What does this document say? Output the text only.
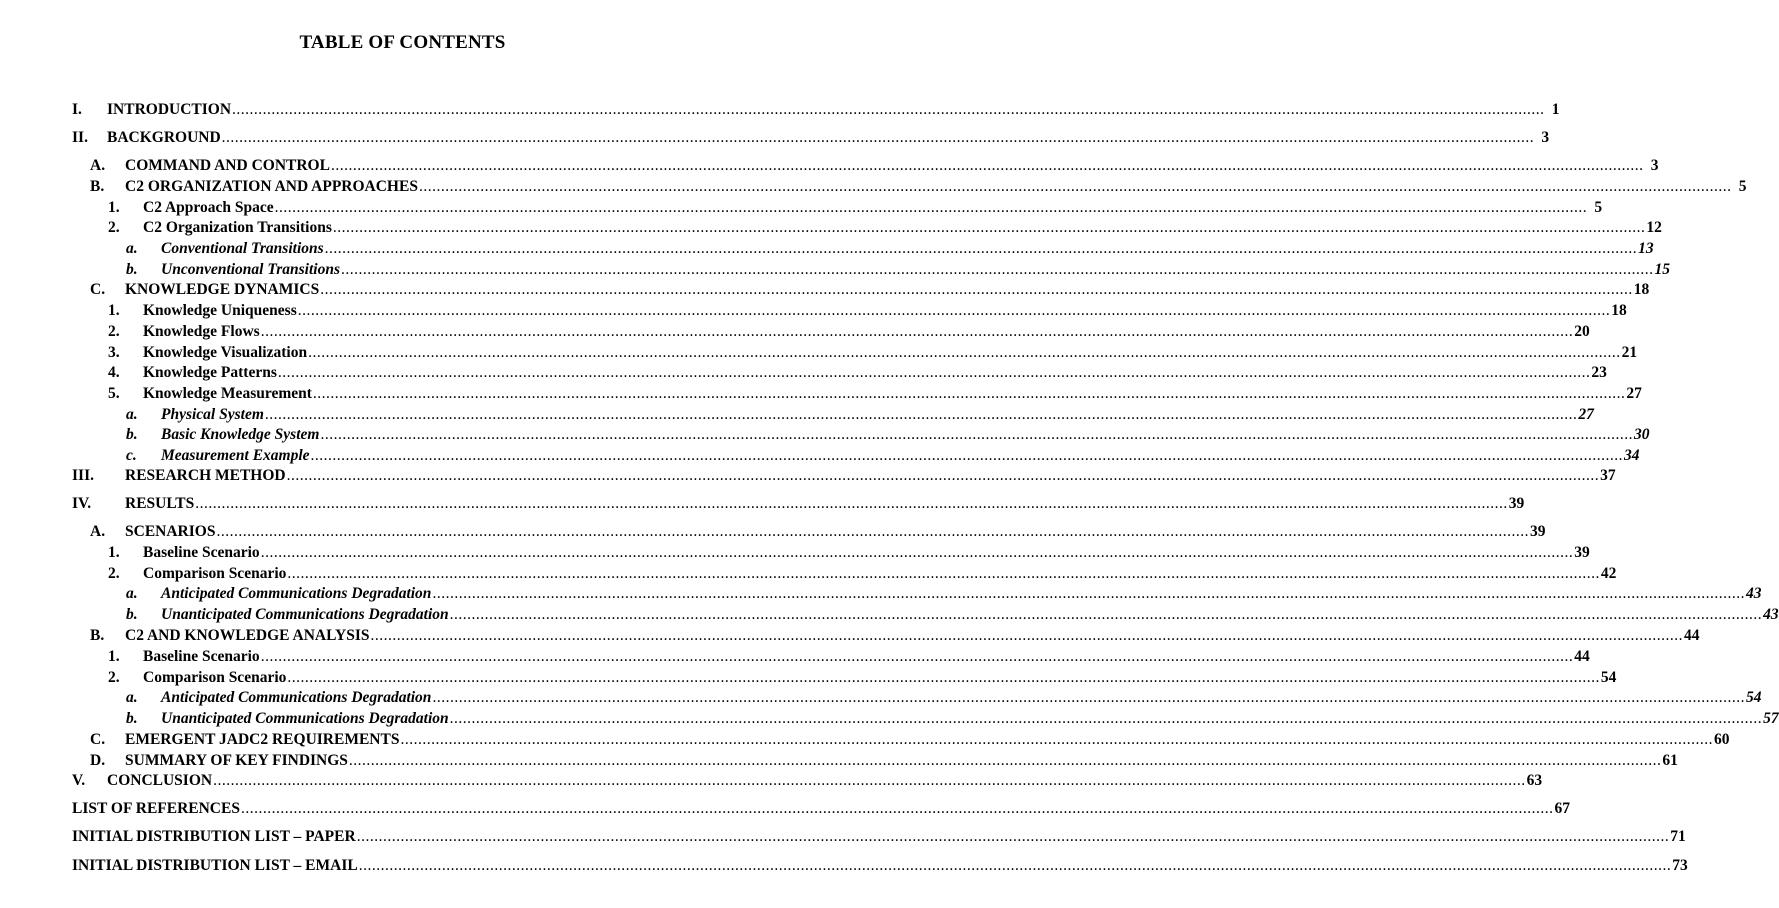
TABLE OF CONTENTS
I. INTRODUCTION ............................................................................................................................................................................................................................................................................................................ 1
II. BACKGROUND ............................................................................................................................................................................................................................................................................................................ 3
A. COMMAND AND CONTROL ............................................................................................................................................................................................................................................................................................................ 3
B. C2 ORGANIZATION AND APPROACHES ............................................................................................................................................................................................................................................................................................................ 5
1. C2 Approach Space ............................................................................................................................................................................................................................................................................................................ 5
2. C2 Organization Transitions ............................................................................................................................................................................................................................................................................................................ 12
a. Conventional Transitions ............................................................................................................................................................................................................................................................................................................ 13
b. Unconventional Transitions ............................................................................................................................................................................................................................................................................................................ 15
C. KNOWLEDGE DYNAMICS ............................................................................................................................................................................................................................................................................................................ 18
1. Knowledge Uniqueness ............................................................................................................................................................................................................................................................................................................ 18
2. Knowledge Flows ............................................................................................................................................................................................................................................................................................................ 20
3. Knowledge Visualization ............................................................................................................................................................................................................................................................................................................ 21
4. Knowledge Patterns ............................................................................................................................................................................................................................................................................................................ 23
5. Knowledge Measurement ............................................................................................................................................................................................................................................................................................................ 27
a. Physical System ............................................................................................................................................................................................................................................................................................................ 27
b. Basic Knowledge System ............................................................................................................................................................................................................................................................................................................ 30
c. Measurement Example ............................................................................................................................................................................................................................................................................................................ 34
III. RESEARCH METHOD ............................................................................................................................................................................................................................................................................................................ 37
IV. RESULTS ............................................................................................................................................................................................................................................................................................................ 39
A. SCENARIOS ............................................................................................................................................................................................................................................................................................................ 39
1. Baseline Scenario ............................................................................................................................................................................................................................................................................................................ 39
2. Comparison Scenario ............................................................................................................................................................................................................................................................................................................ 42
a. Anticipated Communications Degradation ............................................................................................................................................................................................................................................................................................................ 43
b. Unanticipated Communications Degradation ............................................................................................................................................................................................................................................................................................................ 43
B. C2 AND KNOWLEDGE ANALYSIS ............................................................................................................................................................................................................................................................................................................ 44
1. Baseline Scenario ............................................................................................................................................................................................................................................................................................................ 44
2. Comparison Scenario ............................................................................................................................................................................................................................................................................................................ 54
a. Anticipated Communications Degradation ............................................................................................................................................................................................................................................................................................................ 54
b. Unanticipated Communications Degradation ............................................................................................................................................................................................................................................................................................................ 57
C. EMERGENT JADC2 REQUIREMENTS ............................................................................................................................................................................................................................................................................................................ 60
D. SUMMARY OF KEY FINDINGS ............................................................................................................................................................................................................................................................................................................ 61
V. CONCLUSION ............................................................................................................................................................................................................................................................................................................ 63
LIST OF REFERENCES ............................................................................................................................................................................................................................................................................................................ 67
INITIAL DISTRIBUTION LIST – PAPER ............................................................................................................................................................................................................................................................................................................ 71
INITIAL DISTRIBUTION LIST – EMAIL ............................................................................................................................................................................................................................................................................................................ 73
